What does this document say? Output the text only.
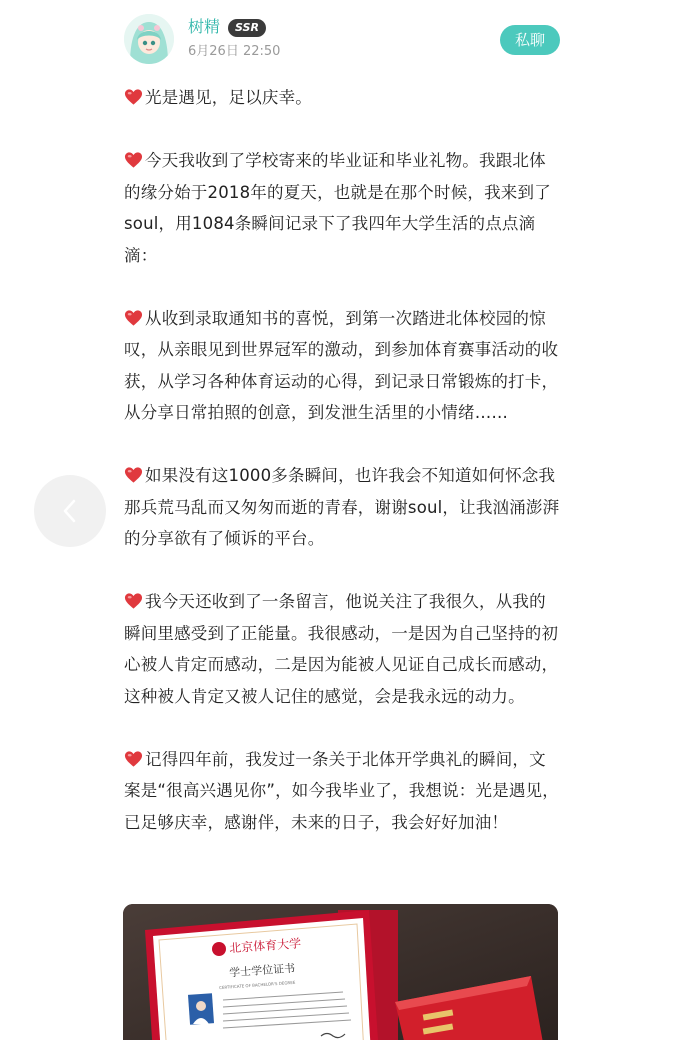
树精	SSR
6月26日 22:50
私聊

光是遇见，足以庆幸。

今天我收到了学校寄来的毕业证和毕业礼物。我跟北体的缘分始于2018年的夏天，也就是在那个时候，我来到了soul，用1084条瞬间记录下了我四年大学生活的点点滴滴：

从收到录取通知书的喜悦，到第一次踏进北体校园的惊叹，从亲眼见到世界冠军的激动，到参加体育赛事活动的收获，从学习各种体育运动的心得，到记录日常锻炼的打卡，从分享日常拍照的创意，到发泄生活里的小情绪……

如果没有这1000多条瞬间，也许我会不知道如何怀念我那兵荒马乱而又匆匆而逝的青春，谢谢soul，让我汹涌澎湃的分享欲有了倾诉的平台。

我今天还收到了一条留言，他说关注了我很久，从我的瞬间里感受到了正能量。我很感动，一是因为自己坚持的初心被人肯定而感动，二是因为能被人见证自己成长而感动，这种被人肯定又被人记住的感觉，会是我永远的动力。

记得四年前，我发过一条关于北体开学典礼的瞬间，文案是“很高兴遇见你”，如今我毕业了，我想说：光是遇见，已足够庆幸，感谢伴，未来的日子，我会好好加油！

北京体育大学
学士学位证书
CERTIFICATE OF BACHELOR'S DEGREE
